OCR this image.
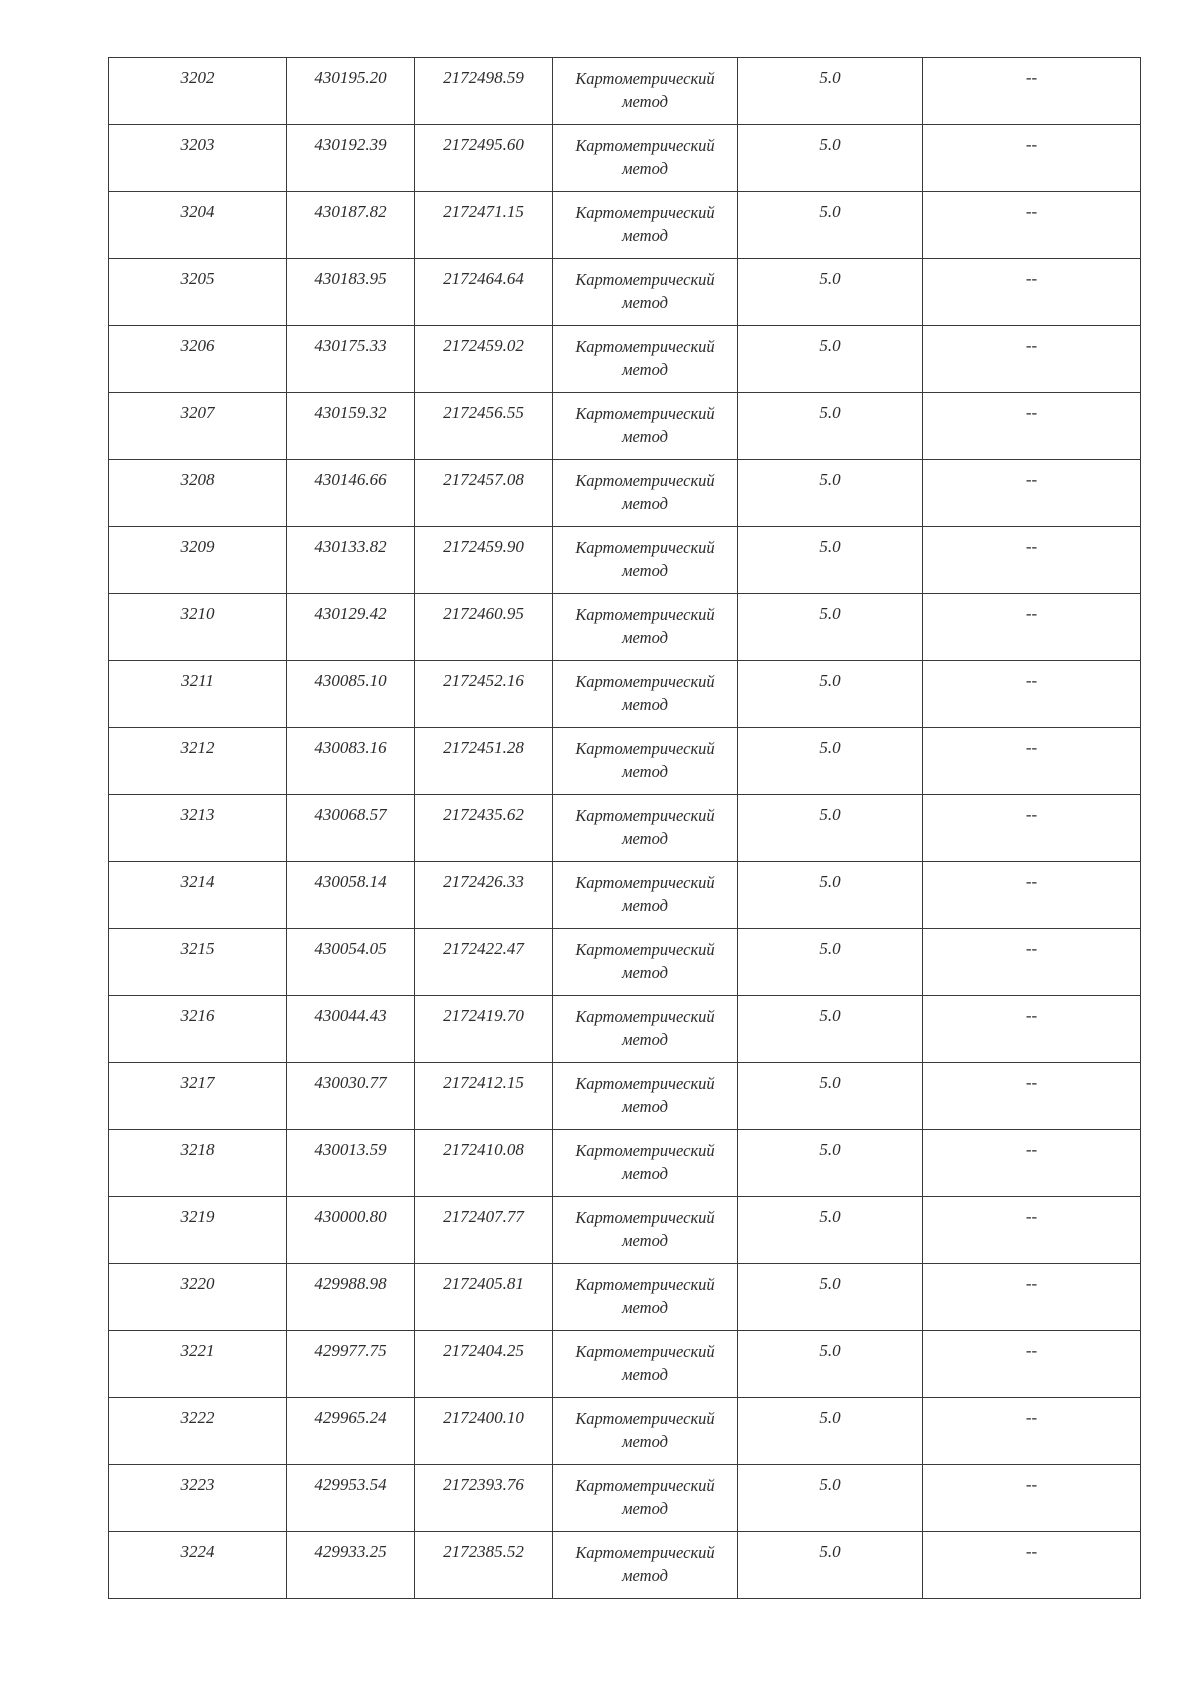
3202	430195.20	2172498.59	Картометрический
метод	5.0	--
3203	430192.39	2172495.60	Картометрический
метод	5.0	--
3204	430187.82	2172471.15	Картометрический
метод	5.0	--
3205	430183.95	2172464.64	Картометрический
метод	5.0	--
3206	430175.33	2172459.02	Картометрический
метод	5.0	--
3207	430159.32	2172456.55	Картометрический
метод	5.0	--
3208	430146.66	2172457.08	Картометрический
метод	5.0	--
3209	430133.82	2172459.90	Картометрический
метод	5.0	--
3210	430129.42	2172460.95	Картометрический
метод	5.0	--
3211	430085.10	2172452.16	Картометрический
метод	5.0	--
3212	430083.16	2172451.28	Картометрический
метод	5.0	--
3213	430068.57	2172435.62	Картометрический
метод	5.0	--
3214	430058.14	2172426.33	Картометрический
метод	5.0	--
3215	430054.05	2172422.47	Картометрический
метод	5.0	--
3216	430044.43	2172419.70	Картометрический
метод	5.0	--
3217	430030.77	2172412.15	Картометрический
метод	5.0	--
3218	430013.59	2172410.08	Картометрический
метод	5.0	--
3219	430000.80	2172407.77	Картометрический
метод	5.0	--
3220	429988.98	2172405.81	Картометрический
метод	5.0	--
3221	429977.75	2172404.25	Картометрический
метод	5.0	--
3222	429965.24	2172400.10	Картометрический
метод	5.0	--
3223	429953.54	2172393.76	Картометрический
метод	5.0	--
3224	429933.25	2172385.52	Картометрический
метод	5.0	--
